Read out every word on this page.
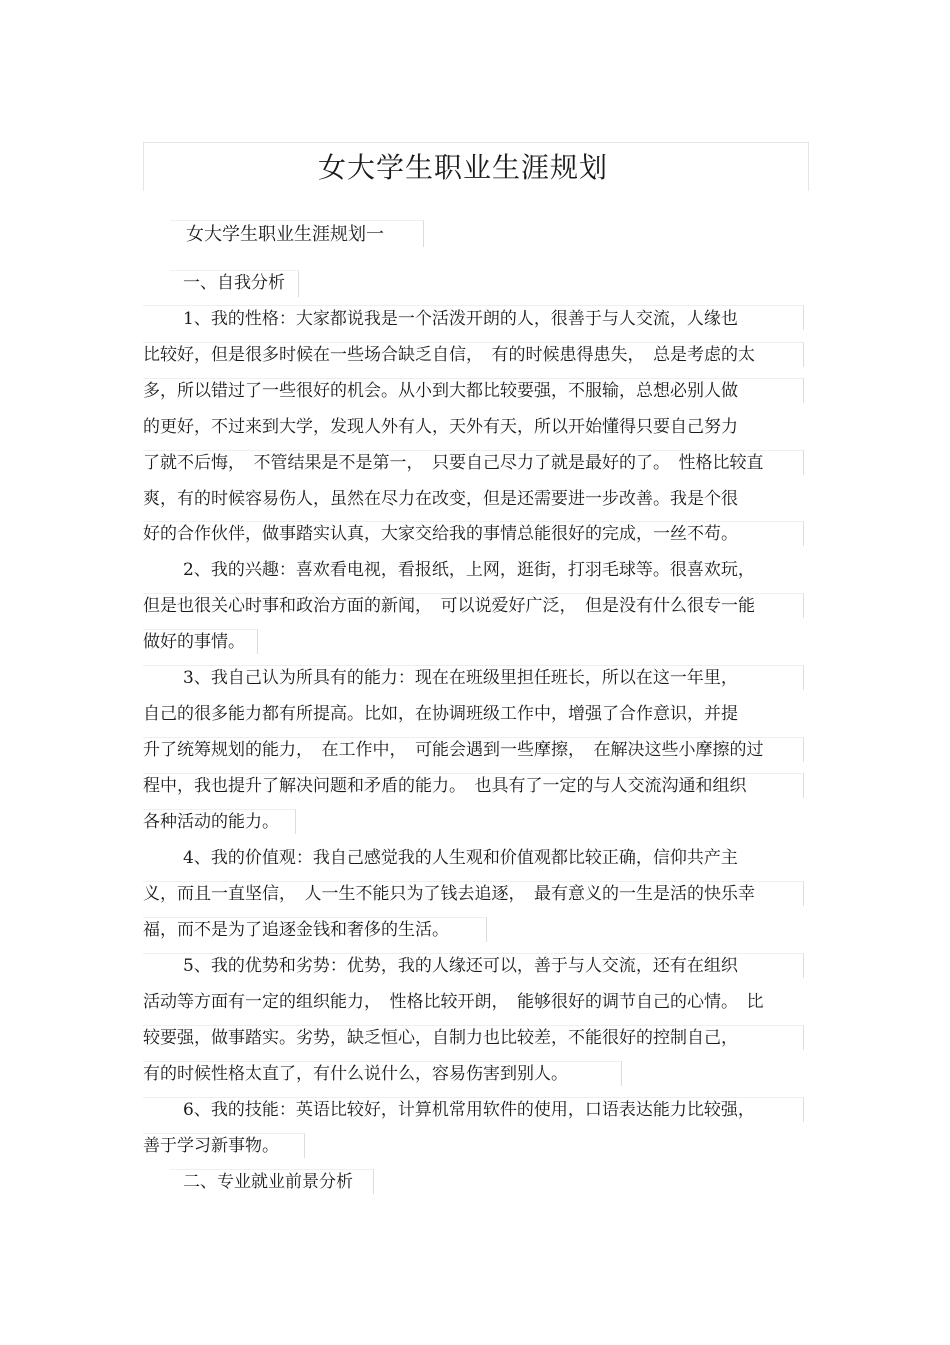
女大学生职业生涯规划
女大学生职业生涯规划一
一、自我分析
1、我的性格：大家都说我是一个活泼开朗的人，很善于与人交流，人缘也
比较好，但是很多时候在一些场合缺乏自信，　有的时候患得患失，　总是考虑的太
多，所以错过了一些很好的机会。从小到大都比较要强，不服输，总想必别人做
的更好，不过来到大学，发现人外有人，天外有天，所以开始懂得只要自己努力
了就不后悔，　不管结果是不是第一，　只要自己尽力了就是最好的了。　性格比较直
爽，有的时候容易伤人，虽然在尽力在改变，但是还需要进一步改善。我是个很
好的合作伙伴，做事踏实认真，大家交给我的事情总能很好的完成，一丝不苟。
2、我的兴趣：喜欢看电视，看报纸，上网，逛街，打羽毛球等。很喜欢玩，
但是也很关心时事和政治方面的新闻，　可以说爱好广泛，　但是没有什么很专一能
做好的事情。
3、我自己认为所具有的能力：现在在班级里担任班长，所以在这一年里，
自己的很多能力都有所提高。比如，在协调班级工作中，增强了合作意识，并提
升了统筹规划的能力，　在工作中，　可能会遇到一些摩擦，　在解决这些小摩擦的过
程中，我也提升了解决问题和矛盾的能力。　也具有了一定的与人交流沟通和组织
各种活动的能力。
4、我的价值观：我自己感觉我的人生观和价值观都比较正确，信仰共产主
义，而且一直坚信，　人一生不能只为了钱去追逐，　最有意义的一生是活的快乐幸
福，而不是为了追逐金钱和奢侈的生活。
5、我的优势和劣势：优势，我的人缘还可以，善于与人交流，还有在组织
活动等方面有一定的组织能力，　性格比较开朗，　能够很好的调节自己的心情。　比
较要强，做事踏实。劣势，缺乏恒心，自制力也比较差，不能很好的控制自己，
有的时候性格太直了，有什么说什么，容易伤害到别人。
6、我的技能：英语比较好，计算机常用软件的使用，口语表达能力比较强，
善于学习新事物。
二、专业就业前景分析
